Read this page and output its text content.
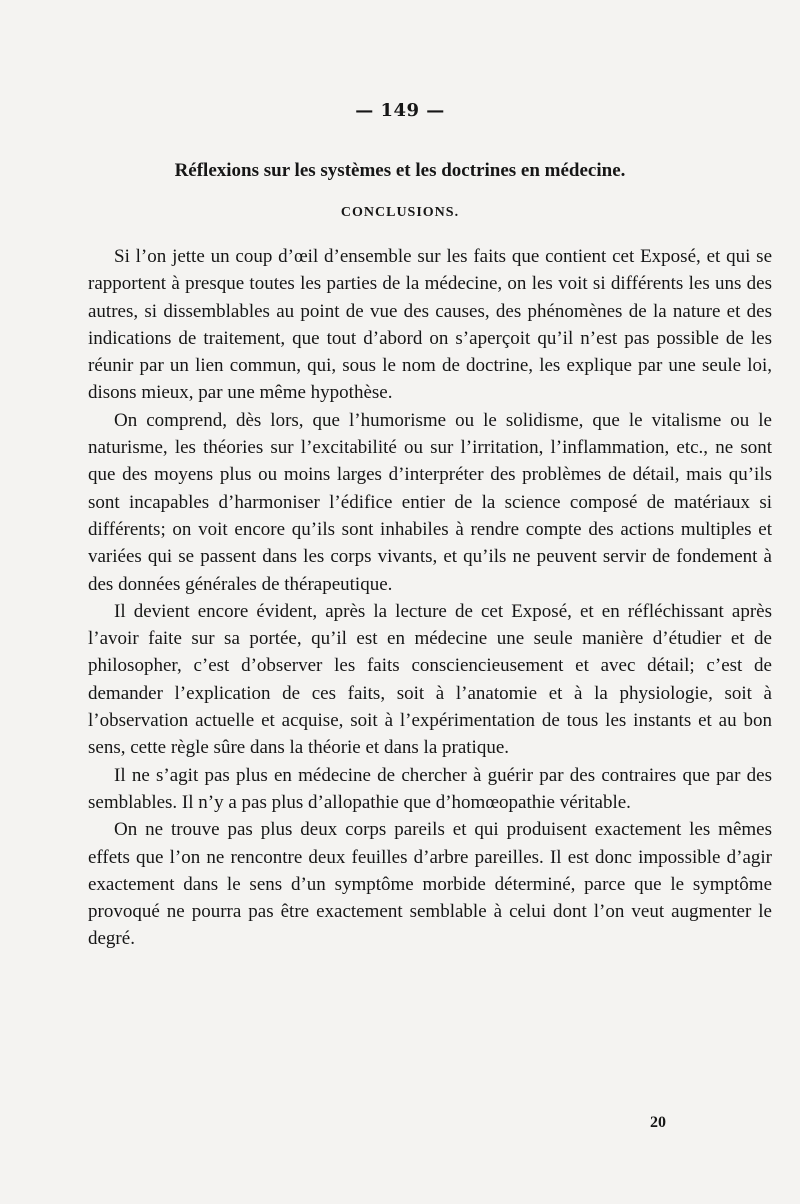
— 149 —
Réflexions sur les systèmes et les doctrines en médecine.
CONCLUSIONS.

Si l’on jette un coup d’œil d’ensemble sur les faits que contient cet Exposé, et qui se rapportent à presque toutes les parties de la médecine, on les voit si différents les uns des autres, si dissemblables au point de vue des causes, des phénomènes de la nature et des indications de traitement, que tout d’abord on s’aperçoit qu’il n’est pas possible de les réunir par un lien commun, qui, sous le nom de doctrine, les explique par une seule loi, disons mieux, par une même hypothèse.

On comprend, dès lors, que l’humorisme ou le solidisme, que le vitalisme ou le naturisme, les théories sur l’excitabilité ou sur l’irritation, l’inflammation, etc., ne sont que des moyens plus ou moins larges d’interpréter des problèmes de détail, mais qu’ils sont incapables d’harmoniser l’édifice entier de la science composé de matériaux si différents; on voit encore qu’ils sont inhabiles à rendre compte des actions multiples et variées qui se passent dans les corps vivants, et qu’ils ne peuvent servir de fondement à des données générales de thérapeutique.

Il devient encore évident, après la lecture de cet Exposé, et en réfléchissant après l’avoir faite sur sa portée, qu’il est en médecine une seule manière d’étudier et de philosopher, c’est d’observer les faits consciencieusement et avec détail; c’est de demander l’explication de ces faits, soit à l’anatomie et à la physiologie, soit à l’observation actuelle et acquise, soit à l’expérimentation de tous les instants et au bon sens, cette règle sûre dans la théorie et dans la pratique.

Il ne s’agit pas plus en médecine de chercher à guérir par des contraires que par des semblables. Il n’y a pas plus d’allopathie que d’homœopathie véritable.

On ne trouve pas plus deux corps pareils et qui produisent exactement les mêmes effets que l’on ne rencontre deux feuilles d’arbre pareilles. Il est donc impossible d’agir exactement dans le sens d’un symptôme morbide déterminé, parce que le symptôme provoqué ne pourra pas être exactement semblable à celui dont l’on veut augmenter le degré.

20
